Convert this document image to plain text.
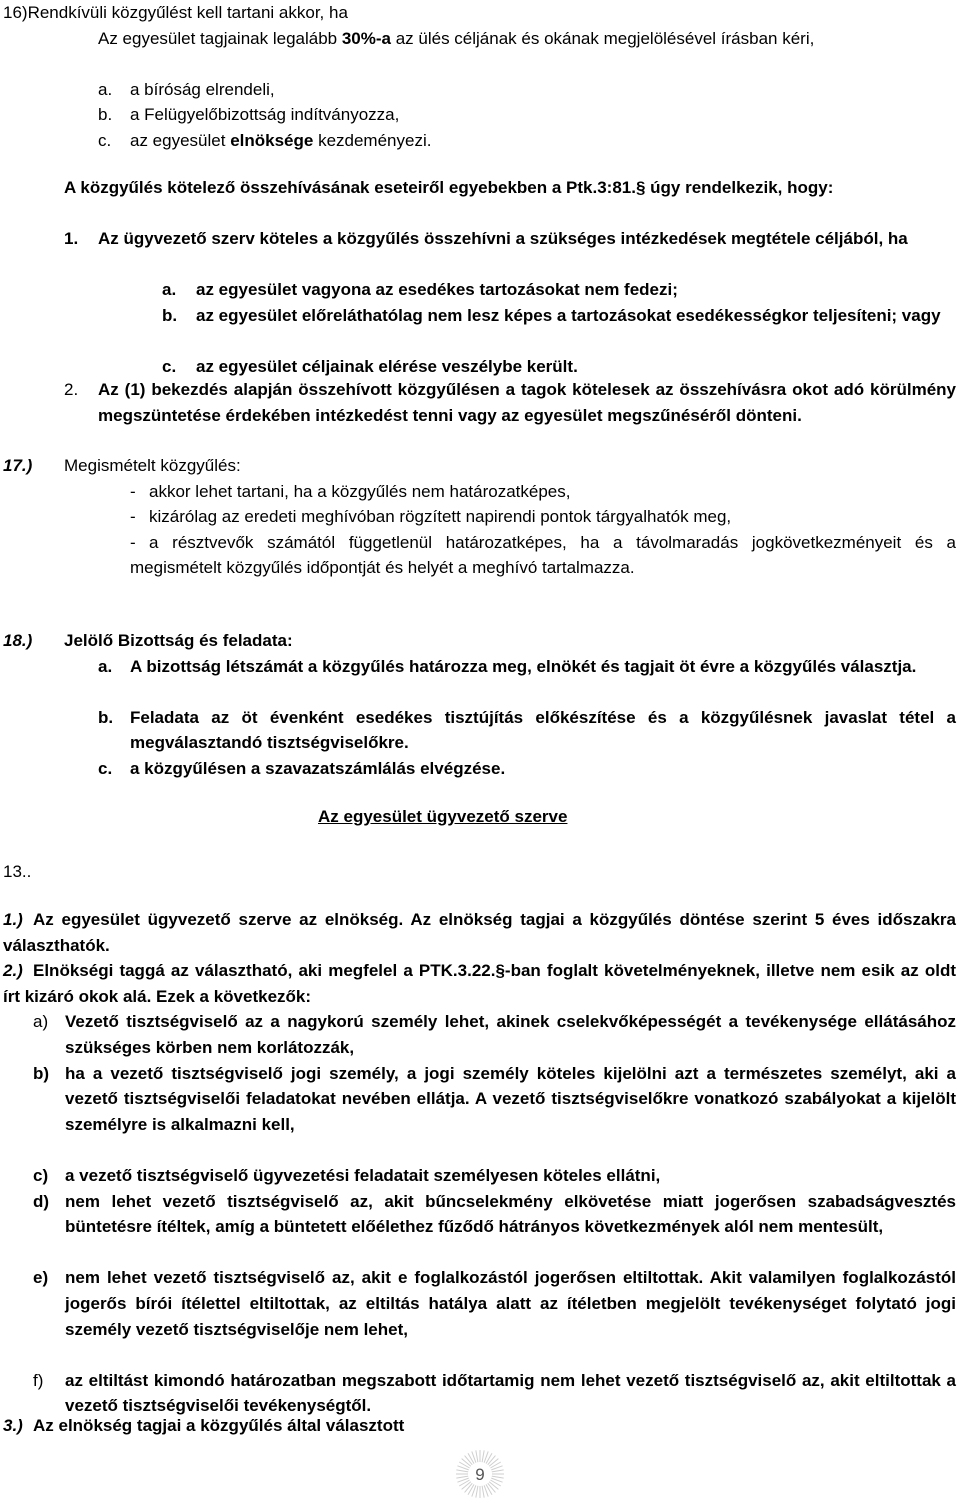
16)Rendkívüli közgyűlést kell tartani akkor, ha
Az egyesület tagjainak legalább 30%-a az ülés céljának és okának megjelölésével írásban kéri,
a.	a bíróság elrendeli,
b.	a Felügyelőbizottság indítványozza,
c.	az egyesület elnöksége kezdeményezi.
A közgyűlés kötelező összehívásának eseteiről egyebekben a Ptk.3:81.§ úgy rendelkezik, hogy:
1.	Az ügyvezető szerv köteles a közgyűlés összehívni a szükséges intézkedések megtétele céljából, ha
a.	az egyesület vagyona az esedékes tartozásokat nem fedezi;
b.	az egyesület előreláthatólag nem lesz képes a tartozásokat esedékességkor teljesíteni; vagy
c.	az egyesület céljainak elérése veszélybe került.
2.	Az (1) bekezdés alapján összehívott közgyűlésen a tagok kötelesek az összehívásra okot adó körülmény megszüntetése érdekében intézkedést tenni vagy az egyesület megszűnéséről dönteni.
17.)	Megismételt közgyűlés:
- akkor lehet tartani, ha a közgyűlés nem határozatképes,
- kizárólag az eredeti meghívóban rögzített napirendi pontok tárgyalhatók meg,
- a résztvevők számától függetlenül határozatképes, ha a távolmaradás jogkövetkezményeit és a megismételt közgyűlés időpontját és helyét a meghívó tartalmazza.
18.)	Jelölő Bizottság és feladata:
a.	A bizottság létszámát a közgyűlés határozza meg, elnökét és tagjait öt évre a közgyűlés választja.
b. Feladata az öt évenként esedékes tisztújítás előkészítése és a közgyűlésnek javaslat tétel a megválasztandó tisztségviselőkre.
c.	a közgyűlésen a szavazatszámlálás elvégzése.
Az egyesület ügyvezető szerve
13..
1.) Az egyesület ügyvezető szerve az elnökség. Az elnökség tagjai a közgyűlés döntése szerint 5 éves időszakra választhatók.
2.) Elnökségi taggá az választható, aki megfelel a PTK.3.22.§-ban foglalt követelményeknek, illetve nem esik az oldt írt kizáró okok alá. Ezek a következők:
a) Vezető tisztségviselő az a nagykorú személy lehet, akinek cselekvőképességét a tevékenysége ellátásához szükséges körben nem korlátozzák,
b) ha a vezető tisztségviselő jogi személy, a jogi személy köteles kijelölni azt a természetes személyt, aki a vezető tisztségviselői feladatokat nevében ellátja. A vezető tisztségviselőkre vonatkozó szabályokat a kijelölt személyre is alkalmazni kell,
c) a vezető tisztségviselő ügyvezetési feladatait személyesen köteles ellátni,
d) nem lehet vezető tisztségviselő az, akit bűncselekmény elkövetése miatt jogerősen szabadságvesztés büntetésre ítéltek, amíg a büntetett előélethez fűződő hátrányos következmények alól nem mentesült,
e) nem lehet vezető tisztségviselő az, akit e foglalkozástól jogerősen eltiltottak. Akit valamilyen foglalkozástól jogerős bírói ítélettel eltiltottak, az eltiltás hatálya alatt az ítéletben megjelölt tevékenységet folytató jogi személy vezető tisztségviselője nem lehet,
f)	az eltiltást kimondó határozatban megszabott időtartamig nem lehet vezető tisztségviselő az, akit eltiltottak a vezető tisztségviselői tevékenységtől.
3.) Az elnökség tagjai a közgyűlés által választott
9
